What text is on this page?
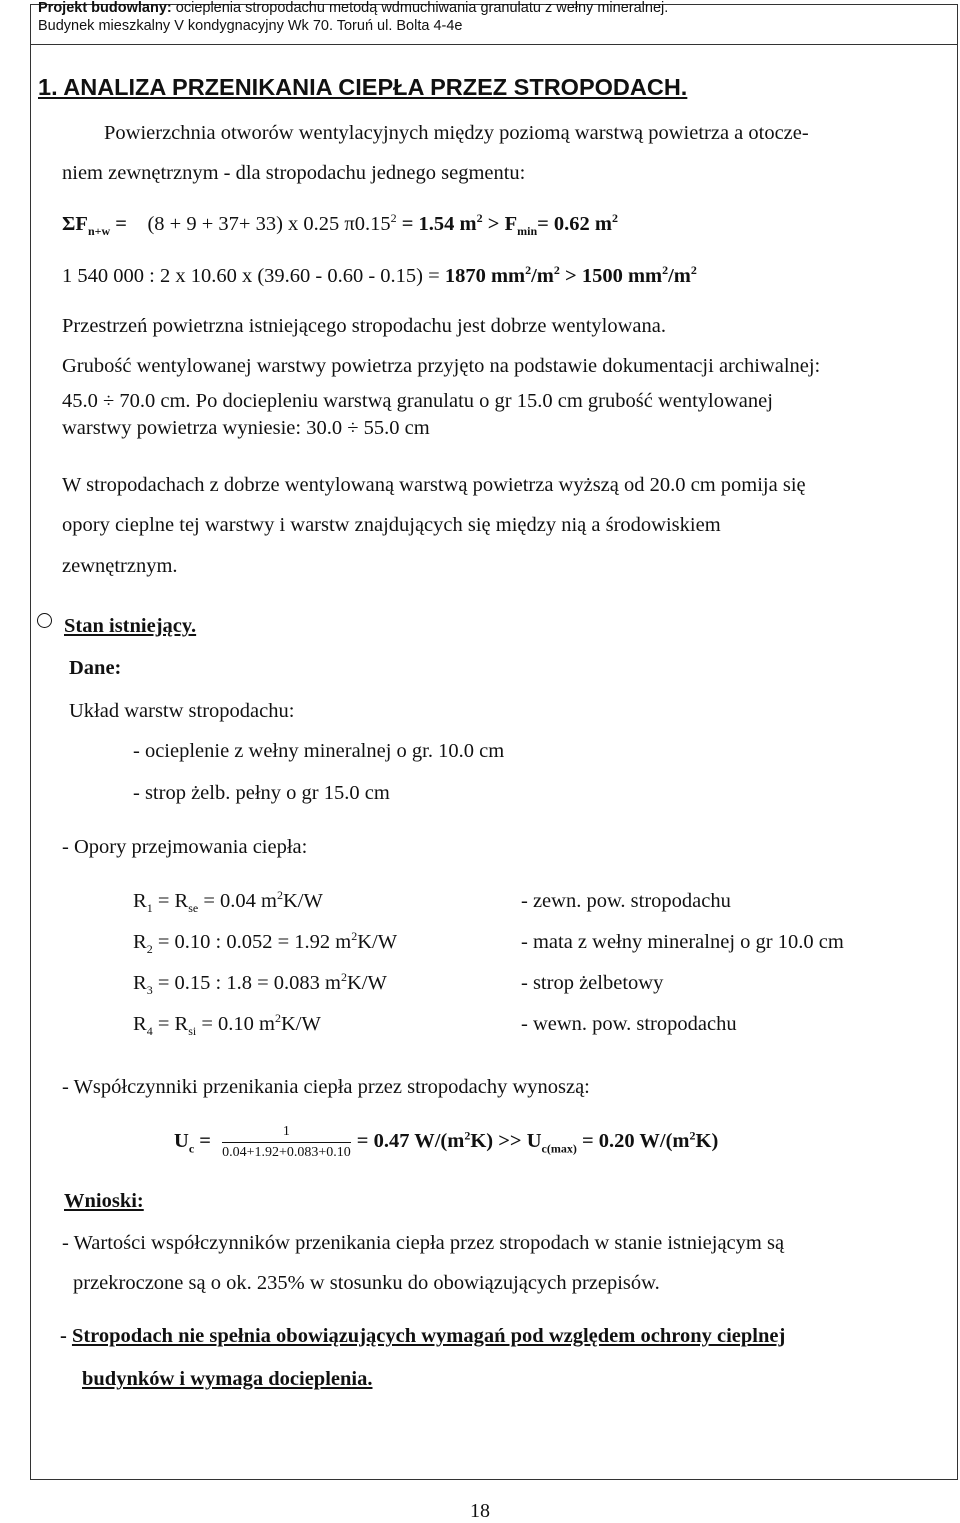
Projekt budowlany: ocieplenia stropodachu metodą wdmuchiwania granulatu z wełny mineralnej.
Budynek mieszkalny V kondygnacyjny Wk 70. Toruń ul. Bolta 4-4e
1. ANALIZA PRZENIKANIA CIEPŁA PRZEZ STROPODACH.
Powierzchnia otworów wentylacyjnych między poziomą warstwą powietrza a otocze-
niem zewnętrznym - dla stropodachu jednego segmentu:
$\Sigma F_{n+w}$ =    (8 + 9 + 37+ 33) x 0.25 $\pi 0.15^2 = 1.54$ $m^2 > F_{min}= 0.62$ $m^2$
1 540 000 : 2 x 10.60 x (39.60 - 0.60 - 0.15) = 1870 $mm^2/m^2 > 1500$ $mm^2/m^2$
Przestrzeń powietrzna istniejącego stropodachu jest dobrze wentylowana.
Grubość wentylowanej warstwy powietrza przyjęto na podstawie dokumentacji archiwalnej:
45.0 ÷ 70.0 cm. Po dociepleniu warstwą granulatu o gr 15.0 cm grubość wentylowanej
warstwy powietrza wyniesie: 30.0 ÷ 55.0 cm
W stropodachach z dobrze wentylowaną warstwą powietrza wyższą od 20.0 cm pomija się
opory cieplne tej warstwy i warstw znajdujących się między nią a środowiskiem
zewnętrznym.
Stan istniejący.
Dane:
Układ warstw stropodachu:
- ocieplenie z wełny mineralnej o gr. 10.0 cm
- strop żelb. pełny o gr 15.0 cm
- Opory przejmowania ciepła:
$R_1 = R_{se} = 0.04$ $m^2K/W$	- zewn. pow. stropodachu
$R_2 = 0.10$ : 0.052 = 1.92 $m^2K/W$	- mata z wełny mineralnej o gr 10.0 cm
$R_3 = 0.15$ : 1.8 = 0.083 $m^2K/W$	- strop żelbetowy
$R_4 = R_{si} = 0.10$ $m^2K/W$	- wewn. pow. stropodachu
- Współczynniki przenikania ciepła przez stropodachy wynoszą:
$U_c = \frac{1}{0.04+1.92+0.083+0.10} = 0.47$ $W/(m^2K) >> U_{c(max)} = 0.20$ $W/(m^2K)$
Wnioski:
- Wartości współczynników przenikania ciepła przez stropodach w stanie istniejącym są
przekroczone są o ok. 235% w stosunku do obowiązujących przepisów.
- Stropodach nie spełnia obowiązujących wymagań pod względem ochrony cieplnej
budynków i wymaga docieplenia.
18
